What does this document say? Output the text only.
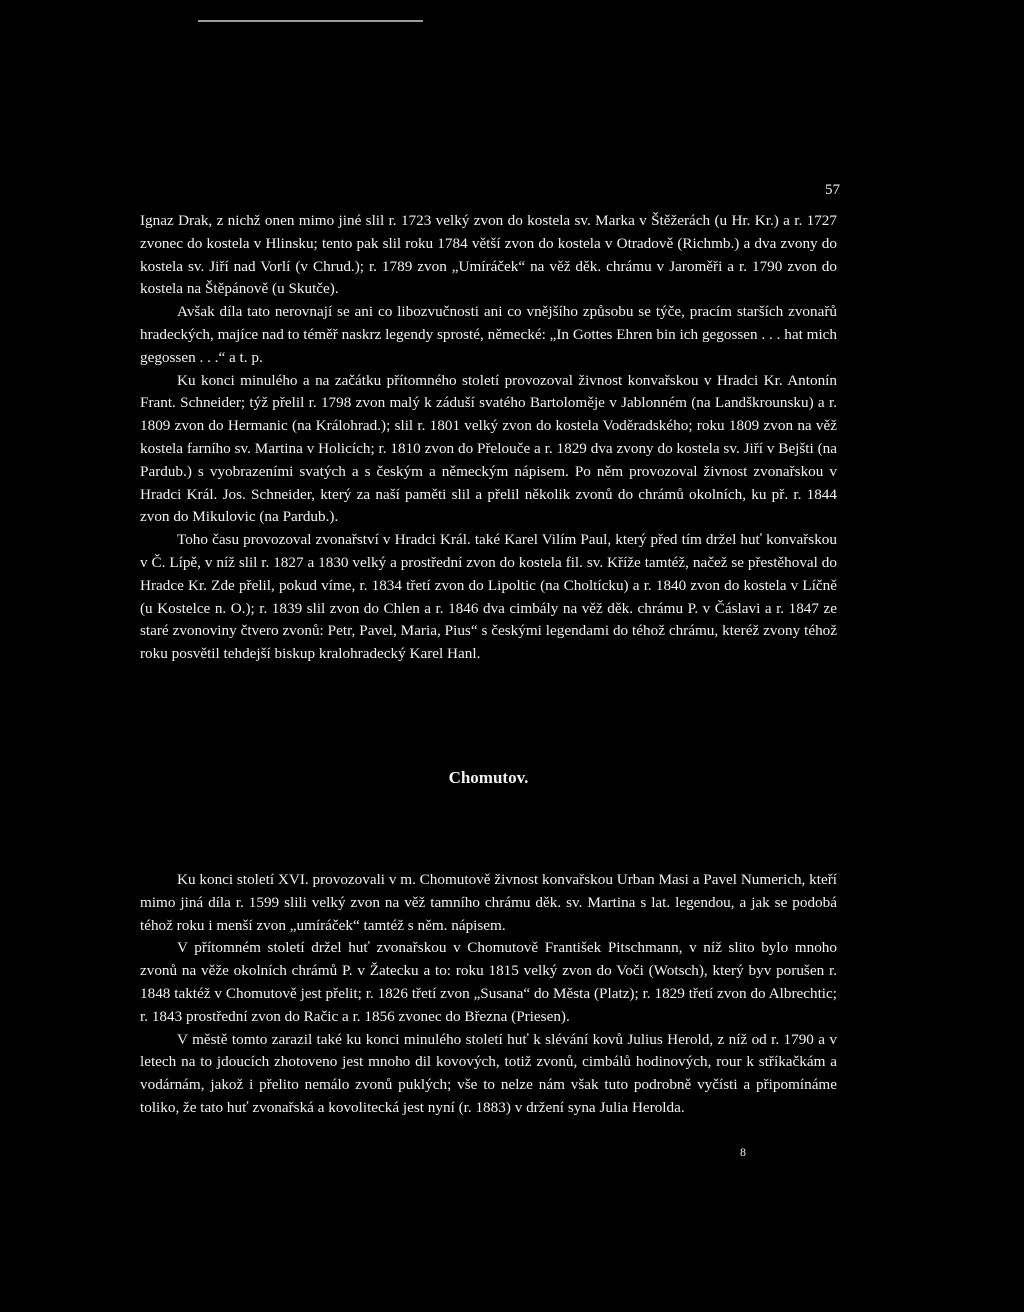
57

Ignaz Drak, z nichž onen mimo jiné slil r. 1723 velký zvon do kostela sv. Marka v Štěžerách (u Hr. Kr.) a r. 1727 zvonec do kostela v Hlinsku; tento pak slil roku 1784 větší zvon do kostela v Otradově (Richmb.) a dva zvony do kostela sv. Jiří nad Vorlí (v Chrud.); r. 1789 zvon „Umíráček“ na věž děk. chrámu v Jaroměři a r. 1790 zvon do kostela na Štěpánově (u Skutče).

Avšak díla tato nerovnají se ani co libozvučnosti ani co vnějšího způsobu se týče, pracím starších zvonařů hradeckých, majíce nad to téměř naskrz legendy sprosté, německé: „In Gottes Ehren bin ich gegossen . . . hat mich gegossen . . .“ a t. p.

Ku konci minulého a na začátku přítomného století provozoval živnost konvařskou v Hradci Kr. Antonín Frant. Schneider; týž přelil r. 1798 zvon malý k záduší svatého Bartoloměje v Jablonném (na Landškrounsku) a r. 1809 zvon do Hermanic (na Králohrad.); slil r. 1801 velký zvon do kostela Voděradského; roku 1809 zvon na věž kostela farního sv. Martina v Holicích; r. 1810 zvon do Přelouče a r. 1829 dva zvony do kostela sv. Jiří v Bejšti (na Pardub.) s vyobrazeními svatých a s českým a německým nápisem. Po něm provozoval živnost zvonařskou v Hradci Král. Jos. Schneider, který za naší paměti slil a přelil několik zvonů do chrámů okolních, ku př. r. 1844 zvon do Mikulovic (na Pardub.).

Toho času provozoval zvonařství v Hradci Král. také Karel Vilím Paul, který před tím držel huť konvařskou v Č. Lípě, v níž slil r. 1827 a 1830 velký a prostřední zvon do kostela fil. sv. Kříže tamtéž, načež se přestěhoval do Hradce Kr. Zde přelil, pokud víme, r. 1834 třetí zvon do Lipoltic (na Choltícku) a r. 1840 zvon do kostela v Líčně (u Kostelce n. O.); r. 1839 slil zvon do Chlen a r. 1846 dva cimbály na věž děk. chrámu P. v Čáslavi a r. 1847 ze staré zvonoviny čtvero zvonů: Petr, Pavel, Maria, Pius“ s českými legendami do téhož chrámu, kteréž zvony téhož roku posvětil tehdejší biskup kralohradecký Karel Hanl.

Chomutov.

Ku konci století XVI. provozovali v m. Chomutově živnost konvařskou Urban Masi a Pavel Numerich, kteří mimo jiná díla r. 1599 slili velký zvon na věž tamního chrámu děk. sv. Martina s lat. legendou, a jak se podobá téhož roku i menší zvon „umíráček“ tamtéž s něm. nápisem.

V přítomném století držel huť zvonařskou v Chomutově František Pitschmann, v níž slito bylo mnoho zvonů na věže okolních chrámů P. v Žatecku a to: roku 1815 velký zvon do Voči (Wotsch), který byv porušen r. 1848 taktéž v Chomutově jest přelit; r. 1826 třetí zvon „Susana“ do Města (Platz); r. 1829 třetí zvon do Albrechtic; r. 1843 prostřední zvon do Račic a r. 1856 zvonec do Března (Priesen).

V městě tomto zarazil také ku konci minulého století huť k slévání kovů Julius Herold, z níž od r. 1790 a v letech na to jdoucích zhotoveno jest mnoho dil kovových, totiž zvonů, cimbálů hodinových, rour k stříkačkám a vodárnám, jakož i přelito nemálo zvonů puklých; vše to nelze nám však tuto podrobně vyčísti a připomínáme toliko, že tato huť zvonařská a kovolitecká jest nyní (r. 1883) v držení syna Julia Herolda.

8
